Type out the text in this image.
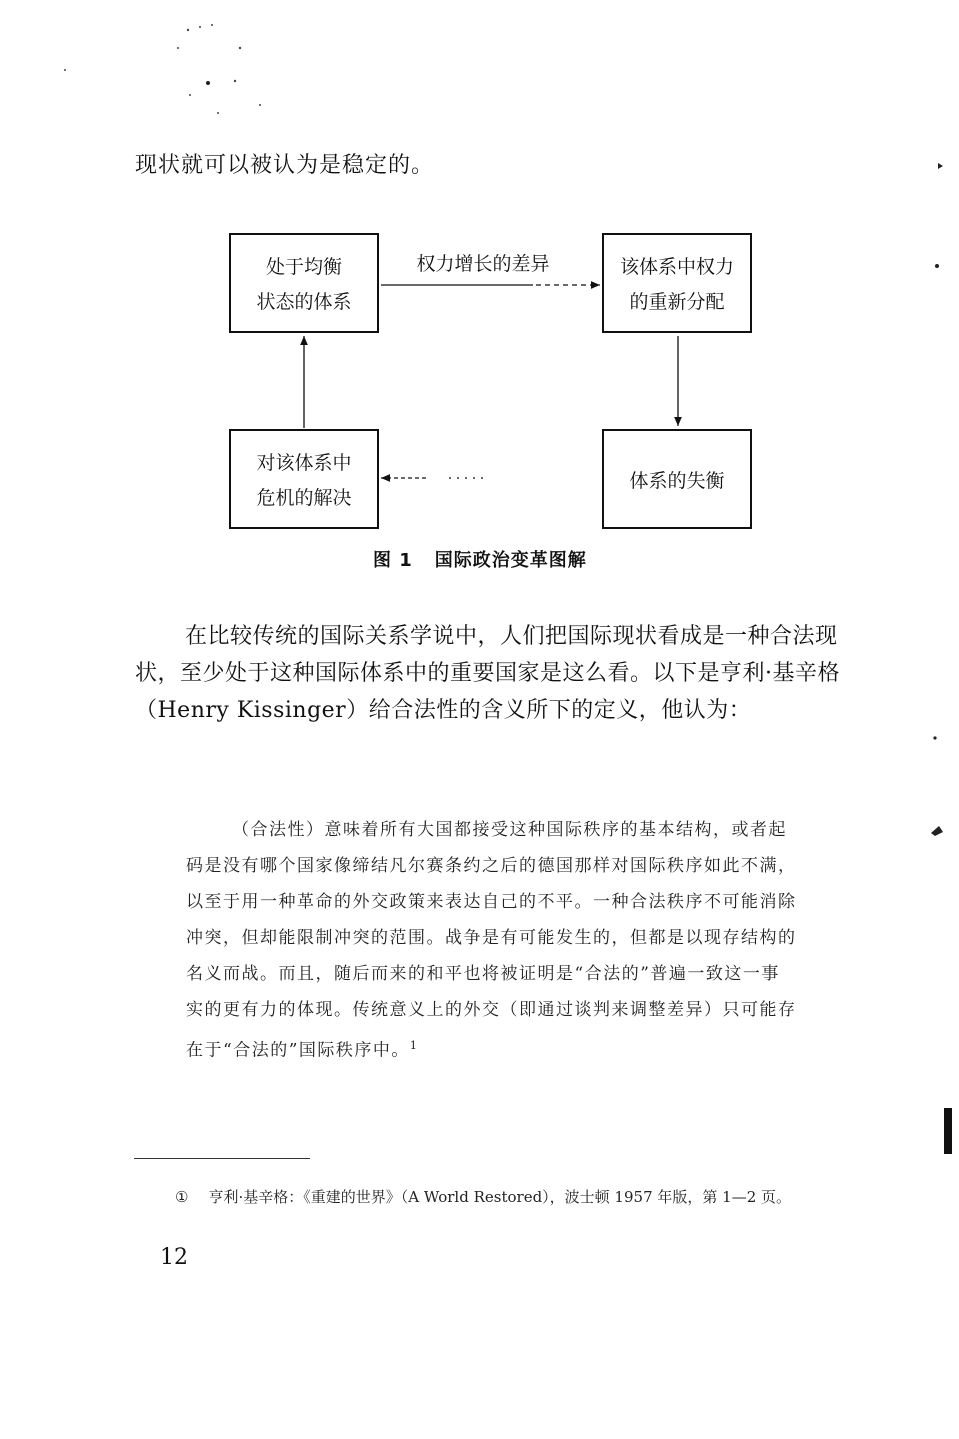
现状就可以被认为是稳定的。
处于均衡
状态的体系
该体系中权力
的重新分配
体系的失衡
对该体系中
危机的解决
权力增长的差异
图 1 国际政治变革图解

在比较传统的国际关系学说中，人们把国际现状看成是一种合法现状，至少处于这种国际体系中的重要国家是这么看。以下是亨利·基辛格（Henry Kissinger）给合法性的含义所下的定义，他认为：

（合法性）意味着所有大国都接受这种国际秩序的基本结构，或者起码是没有哪个国家像缔结凡尔赛条约之后的德国那样对国际秩序如此不满，以至于用一种革命的外交政策来表达自己的不平。一种合法秩序不可能消除冲突，但却能限制冲突的范围。战争是有可能发生的，但都是以现存结构的名义而战。而且，随后而来的和平也将被证明是“合法的”普遍一致这一事实的更有力的体现。传统意义上的外交（即通过谈判来调整差异）只可能存在于“合法的”国际秩序中。$^1$

① 亨利·基辛格：《重建的世界》（A World Restored），波士顿 1957 年版，第 1—2 页。
12
